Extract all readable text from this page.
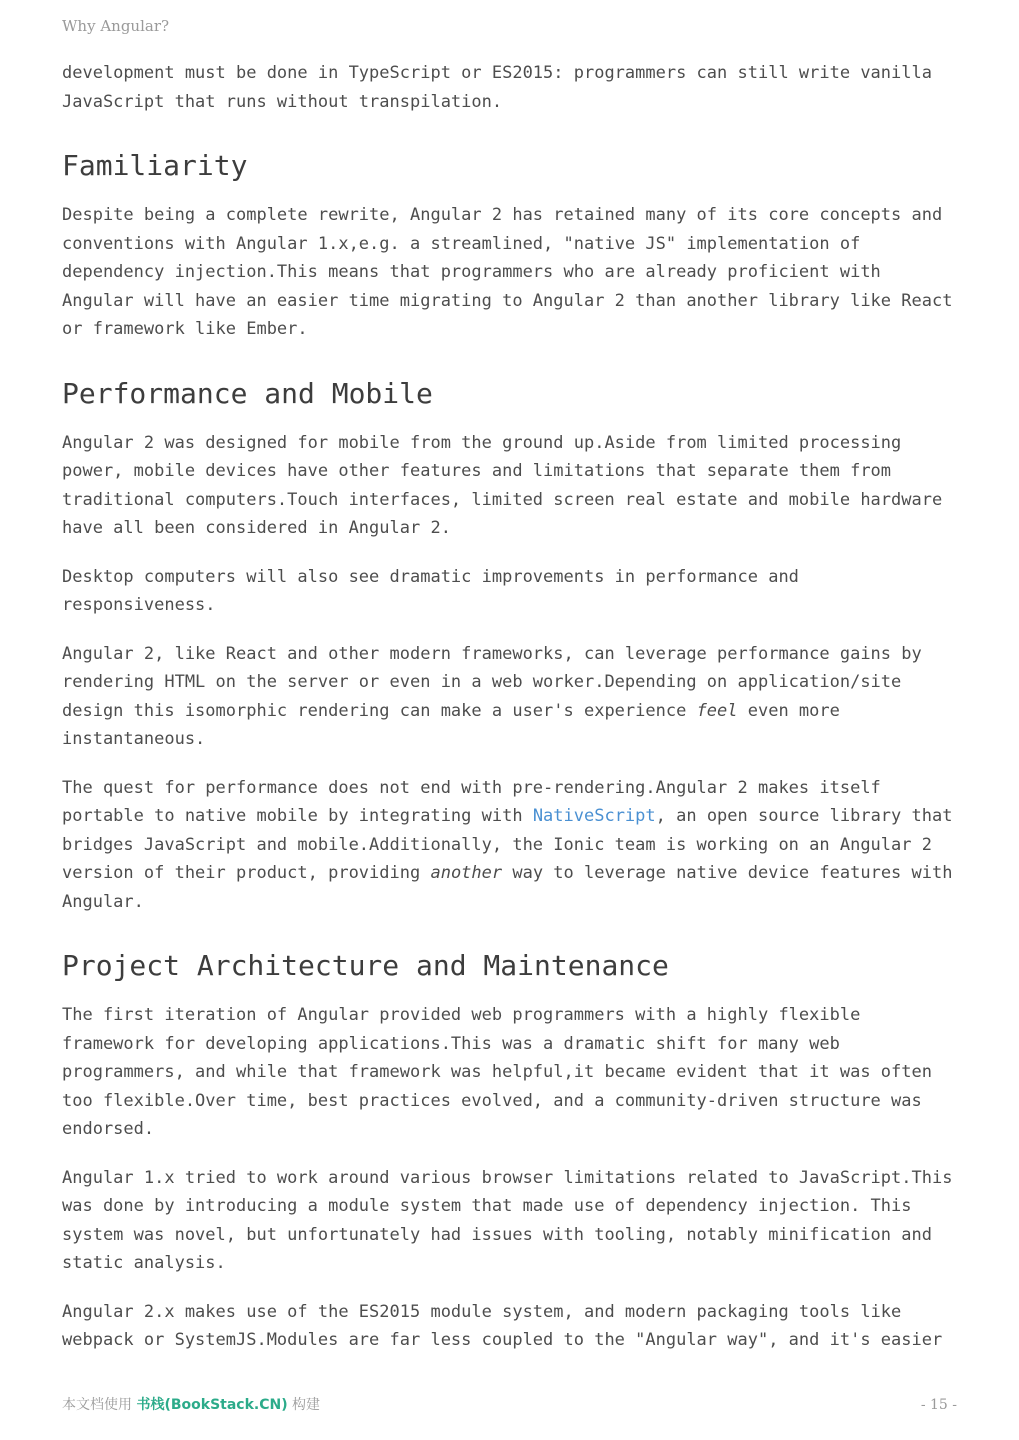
Why Angular?

development must be done in TypeScript or ES2015: programmers can still write vanilla JavaScript that runs without transpilation.

Familiarity

Despite being a complete rewrite, Angular 2 has retained many of its core concepts and conventions with Angular 1.x,e.g. a streamlined, "native JS" implementation of dependency injection.This means that programmers who are already proficient with Angular will have an easier time migrating to Angular 2 than another library like React or framework like Ember.

Performance and Mobile

Angular 2 was designed for mobile from the ground up.Aside from limited processing power, mobile devices have other features and limitations that separate them from traditional computers.Touch interfaces, limited screen real estate and mobile hardware have all been considered in Angular 2.

Desktop computers will also see dramatic improvements in performance and responsiveness.

Angular 2, like React and other modern frameworks, can leverage performance gains by rendering HTML on the server or even in a web worker.Depending on application/site design this isomorphic rendering can make a user's experience feel even more instantaneous.

The quest for performance does not end with pre-rendering.Angular 2 makes itself portable to native mobile by integrating with NativeScript, an open source library that bridges JavaScript and mobile.Additionally, the Ionic team is working on an Angular 2 version of their product, providing another way to leverage native device features with Angular.

Project Architecture and Maintenance

The first iteration of Angular provided web programmers with a highly flexible framework for developing applications.This was a dramatic shift for many web programmers, and while that framework was helpful,it became evident that it was often too flexible.Over time, best practices evolved, and a community-driven structure was endorsed.

Angular 1.x tried to work around various browser limitations related to JavaScript.This was done by introducing a module system that made use of dependency injection. This system was novel, but unfortunately had issues with tooling, notably minification and static analysis.

Angular 2.x makes use of the ES2015 module system, and modern packaging tools like webpack or SystemJS.Modules are far less coupled to the "Angular way", and it's easier

本文档使用 书栈(BookStack.CN) 构建	- 15 -
